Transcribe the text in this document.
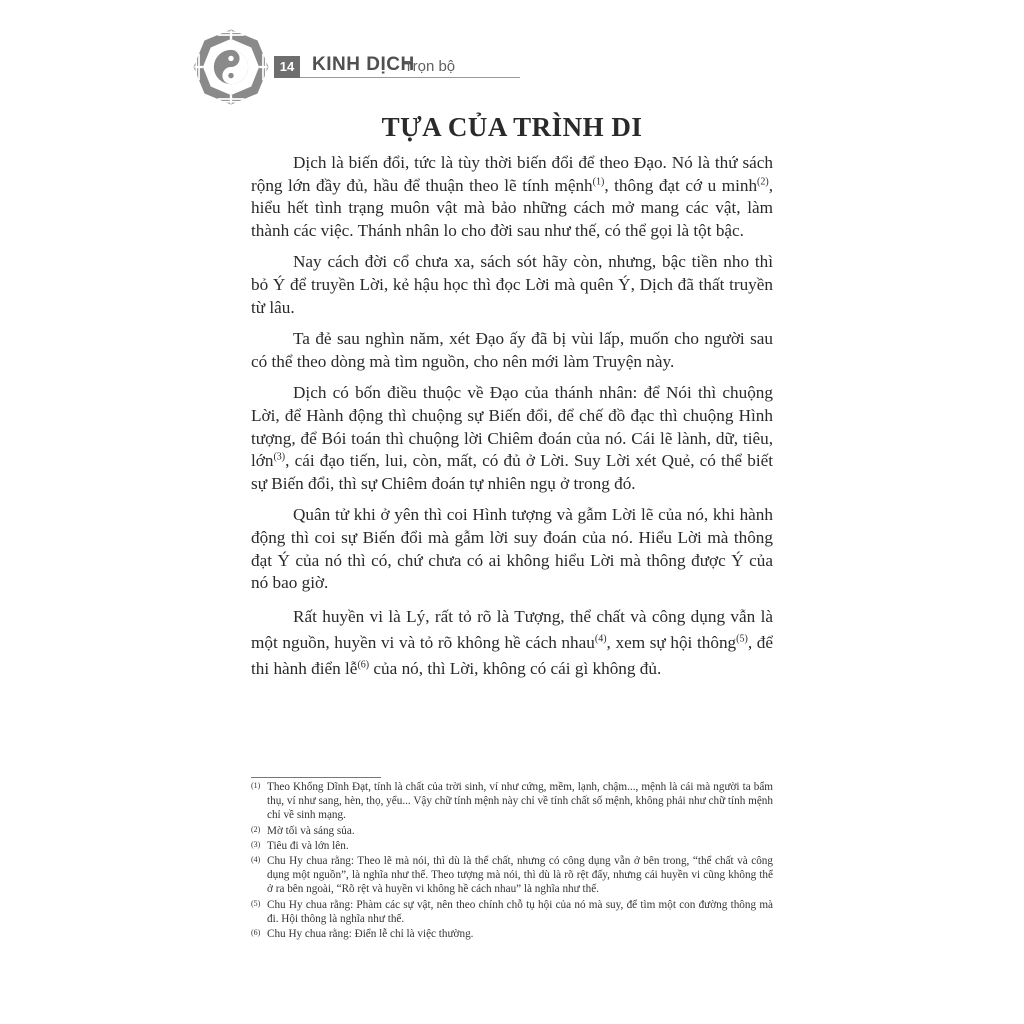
14 KINH DỊCH
Trọn bộ
TỰA CỦA TRÌNH DI

Dịch là biến đổi, tức là tùy thời biến đổi để theo Đạo. Nó là thứ sách rộng lớn đầy đủ, hầu để thuận theo lẽ tính mệnh$^{(1)}$, thông đạt cớ u minh$^{(2)}$, hiểu hết tình trạng muôn vật mà bảo những cách mở mang các vật, làm thành các việc. Thánh nhân lo cho đời sau như thế, có thể gọi là tột bậc.

Nay cách đời cổ chưa xa, sách sót hãy còn, nhưng, bậc tiền nho thì bỏ Ý để truyền Lời, kẻ hậu học thì đọc Lời mà quên Ý, Dịch đã thất truyền từ lâu.

Ta đẻ sau nghìn năm, xét Đạo ấy đã bị vùi lấp, muốn cho người sau có thể theo dòng mà tìm nguồn, cho nên mới làm Truyện này.

Dịch có bốn điều thuộc về Đạo của thánh nhân: để Nói thì chuộng Lời, để Hành động thì chuộng sự Biến đổi, để chế đồ đạc thì chuộng Hình tượng, để Bói toán thì chuộng lời Chiêm đoán của nó. Cái lẽ lành, dữ, tiêu, lớn$^{(3)}$, cái đạo tiến, lui, còn, mất, có đủ ở Lời. Suy Lời xét Quẻ, có thể biết sự Biến đổi, thì sự Chiêm đoán tự nhiên ngụ ở trong đó.

Quân tử khi ở yên thì coi Hình tượng và gẫm Lời lẽ của nó, khi hành động thì coi sự Biến đổi mà gẫm lời suy đoán của nó. Hiểu Lời mà thông đạt Ý của nó thì có, chứ chưa có ai không hiểu Lời mà thông được Ý của nó bao giờ.

Rất huyền vi là Lý, rất tỏ rõ là Tượng, thể chất và công dụng vẫn là một nguồn, huyền vi và tỏ rõ không hề cách nhau$^{(4)}$, xem sự hội thông$^{(5)}$, để thi hành điển lễ$^{(6)}$ của nó, thì Lời, không có cái gì không đủ.

(1) Theo Khổng Dĩnh Đạt, tính là chất của trời sinh, ví như cứng, mềm, lạnh, chậm..., mệnh là cái mà người ta bẩm thụ, ví như sang, hèn, thọ, yểu... Vậy chữ tính mệnh này chỉ về tính chất số mệnh, không phải như chữ tính mệnh chỉ về sinh mạng.
(2) Mờ tối và sáng sủa.
(3) Tiêu đi và lớn lên.
(4) Chu Hy chua rằng: Theo lẽ mà nói, thì dù là thể chất, nhưng có công dụng vẫn ở bên trong, “thể chất và công dụng một nguồn”, là nghĩa như thế. Theo tượng mà nói, thì dù là rõ rệt đấy, nhưng cái huyền vi cũng không thể ở ra bên ngoài, “Rõ rệt và huyền vi không hề cách nhau” là nghĩa như thế.
(5) Chu Hy chua rằng: Phàm các sự vật, nên theo chính chỗ tụ hội của nó mà suy, để tìm một con đường thông mà đi. Hội thông là nghĩa như thế.
(6) Chu Hy chua rằng: Điển lễ chỉ là việc thường.
